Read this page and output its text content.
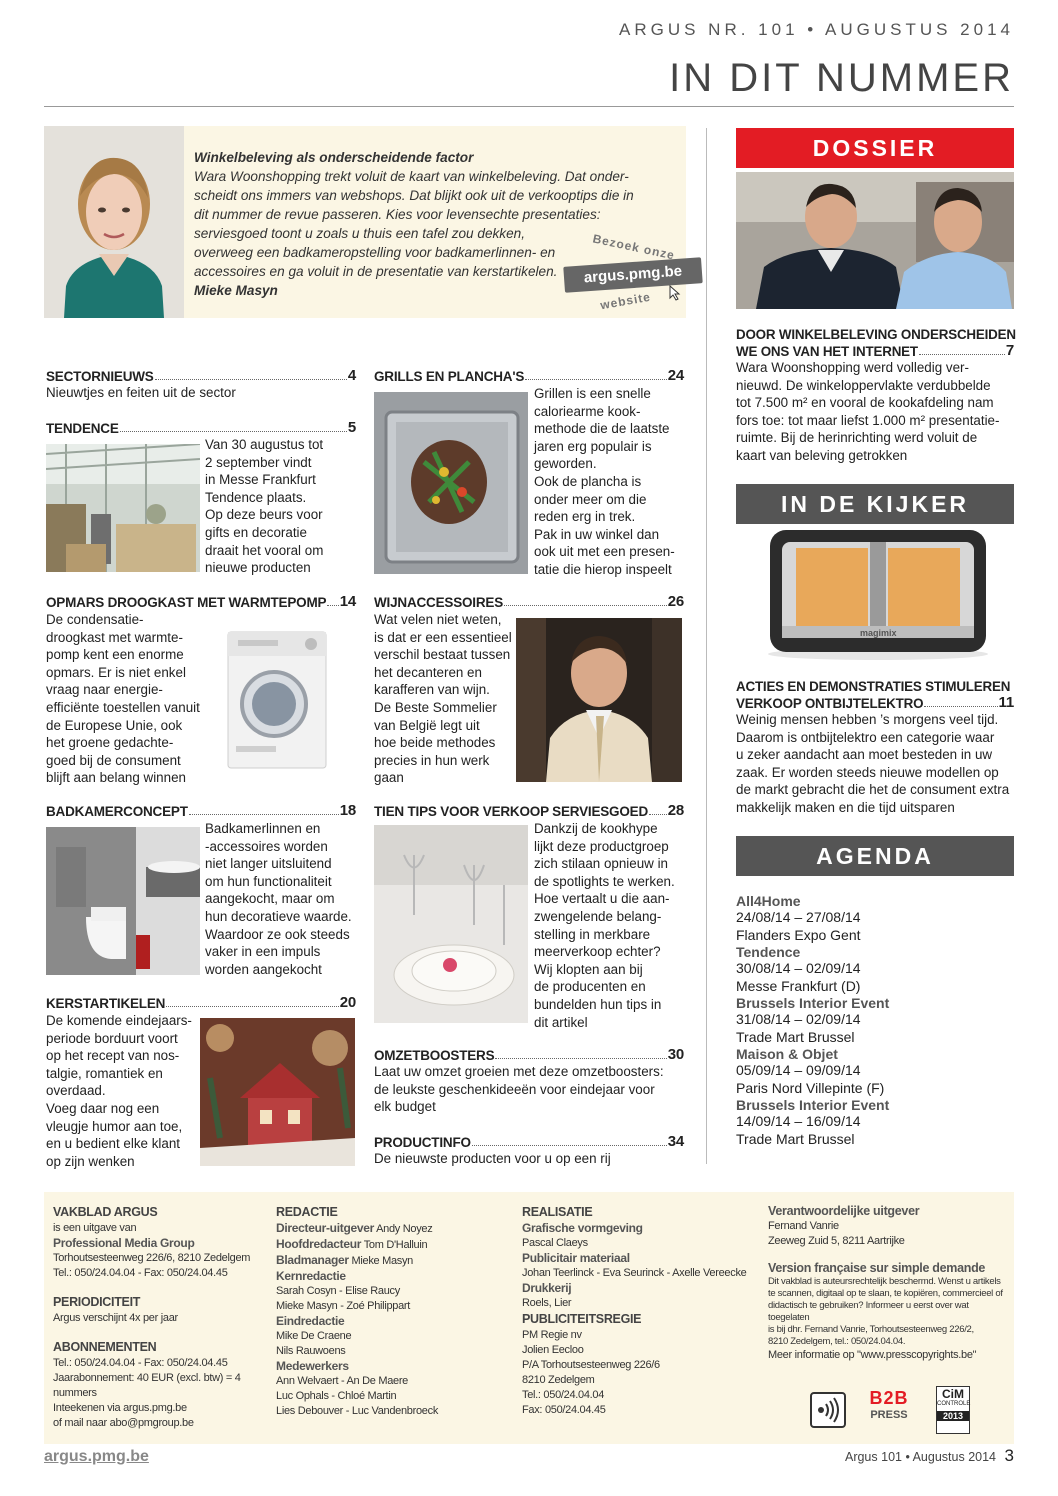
ARGUS NR. 101 • AUGUSTUS 2014
IN DIT NUMMER
Winkelbeleving als onderscheidende factor
Wara Woonshopping trekt voluit de kaart van winkelbeleving. Dat onder-
scheidt ons immers van webshops. Dat blijkt ook uit de verkooptips die in
dit nummer de revue passeren. Kies voor levensechte presentaties:
serviesgoed toont u zoals u thuis een tafel zou dekken,
overweeg een badkameropstelling voor badkamerlinnen- en
accessoires en ga voluit in de presentatie van kerstartikelen.
Mieke Masyn
Bezoek onze
argus.pmg.be
website
SECTORNIEUWS	4
Nieuwtjes en feiten uit de sector
TENDENCE	5
Van 30 augustus tot
2 september vindt
in Messe Frankfurt
Tendence plaats.
Op deze beurs voor
gifts en decoratie
draait het vooral om
nieuwe producten
OPMARS DROOGKAST MET WARMTEPOMP 14
De condensatie-
droogkast met warmte-
pomp kent een enorme
opmars. Er is niet enkel
vraag naar energie-
efficiënte toestellen vanuit
de Europese Unie, ook
het groene gedachte-
goed bij de consument
blijft aan belang winnen
BADKAMERCONCEPT	18
Badkamerlinnen en
-accessoires worden
niet langer uitsluitend
om hun functionaliteit
aangekocht, maar om
hun decoratieve waarde.
Waardoor ze ook steeds
vaker in een impuls
worden aangekocht
KERSTARTIKELEN	20
De komende eindejaars-
periode borduurt voort
op het recept van nos-
talgie, romantiek en
overdaad.
Voeg daar nog een
vleugje humor aan toe,
en u bedient elke klant
op zijn wenken
GRILLS EN PLANCHA'S	24
Grillen is een snelle
caloriearme kook-
methode die de laatste
jaren erg populair is
geworden.
Ook de plancha is
onder meer om die
reden erg in trek.
Pak in uw winkel dan
ook uit met een presen-
tatie die hierop inspeelt
WIJNACCESSOIRES	26
Wat velen niet weten,
is dat er een essentieel
verschil bestaat tussen
het decanteren en
karafferen van wijn.
De Beste Sommelier
van België legt uit
hoe beide methodes
precies in hun werk
gaan
TIEN TIPS VOOR VERKOOP SERVIESGOED 28
Dankzij de kookhype
lijkt deze productgroep
zich stilaan opnieuw in
de spotlights te werken.
Hoe vertaalt u die aan-
zwengelende belang-
stelling in merkbare
meerverkoop echter?
Wij klopten aan bij
de producenten en
bundelden hun tips in
dit artikel
OMZETBOOSTERS	30
Laat uw omzet groeien met deze omzetboosters:
de leukste geschenkideeën voor eindejaar voor
elk budget
PRODUCTINFO	34
De nieuwste producten voor u op een rij
DOSSIER
DOOR WINKELBELEVING ONDERSCHEIDEN
WE ONS VAN HET INTERNET	7
Wara Woonshopping werd volledig ver-
nieuwd. De winkeloppervlakte verdubbelde
tot 7.500 m² en vooral de kookafdeling nam
fors toe: tot maar liefst 1.000 m² presentatie-
ruimte. Bij de herinrichting werd voluit de
kaart van beleving getrokken
IN DE KIJKER
magimix
ACTIES EN DEMONSTRATIES STIMULEREN
VERKOOP ONTBIJTELEKTRO	11
Weinig mensen hebben ’s morgens veel tijd.
Daarom is ontbijtelektro een categorie waar
u zeker aandacht aan moet besteden in uw
zaak. Er worden steeds nieuwe modellen op
de markt gebracht die het de consument extra
makkelijk maken en die tijd uitsparen
AGENDA
All4Home
24/08/14 – 27/08/14
Flanders Expo Gent
Tendence
30/08/14 – 02/09/14
Messe Frankfurt (D)
Brussels Interior Event
31/08/14 – 02/09/14
Trade Mart Brussel
Maison & Objet
05/09/14 – 09/09/14
Paris Nord Villepinte (F)
Brussels Interior Event
14/09/14 – 16/09/14
Trade Mart Brussel
VAKBLAD ARGUS
is een uitgave van
Professional Media Group
Torhoutsesteenweg 226/6, 8210 Zedelgem
Tel.: 050/24.04.04 - Fax: 050/24.04.45
PERIODICITEIT
Argus verschijnt 4x per jaar
ABONNEMENTEN
Tel.: 050/24.04.04 - Fax: 050/24.04.45
Jaarabonnement: 40 EUR (excl. btw) = 4 nummers
Inteekenen via argus.pmg.be
of mail naar abo@pmgroup.be
REDACTIE
Directeur-uitgever Andy Noyez
Hoofdredacteur Tom D'Halluin
Bladmanager Mieke Masyn
Kernredactie
Sarah Cosyn - Elise Raucy
Mieke Masyn - Zoé Philippart
Eindredactie
Mike De Craene
Nils Rauwoens
Medewerkers
Ann Welvaert - An De Maere
Luc Ophals - Chloé Martin
Lies Debouver - Luc Vandenbroeck
REALISATIE
Grafische vormgeving
Pascal Claeys
Publicitair materiaal
Johan Teerlinck - Eva Seurinck - Axelle Vereecke
Drukkerij
Roels, Lier
PUBLICITEITSREGIE
PM Regie nv
Jolien Eecloo
P/A Torhoutsesteenweg 226/6
8210 Zedelgem
Tel.: 050/24.04.04
Fax: 050/24.04.45
Verantwoordelijke uitgever
Fernand Vanrie
Zeeweg Zuid 5, 8211 Aartrijke
Version française sur simple demande
Dit vakblad is auteursrechtelijk beschermd. Wenst u artikels
te scannen, digitaal op te slaan, te kopiëren, commercieel of
didactisch te gebruiken? Informeer u eerst over wat toegelaten
is bij dhr. Fernand Vanrie, Torhoutsesteenweg 226/2,
8210 Zedelgem, tel.: 050/24.04.04.
Meer informatie op "www.presscopyrights.be"
B2B
PRESS
CiM
CONTROLE
2013
argus.pmg.be	Argus 101 • Augustus 2014 3
